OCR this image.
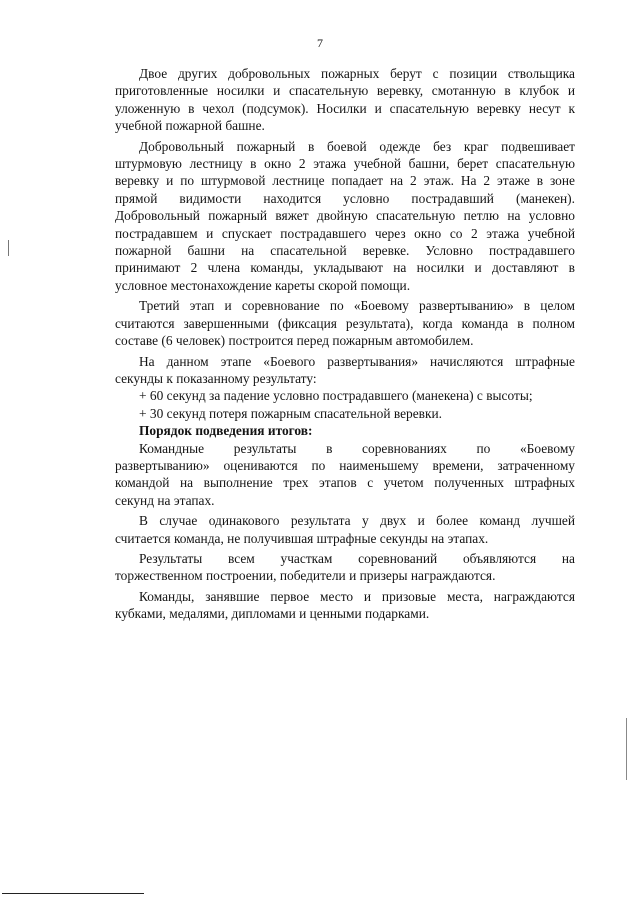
7

Двое других добровольных пожарных берут с позиции ствольщика
приготовленные носилки и спасательную веревку, смотанную в клубок и
уложенную в чехол (подсумок). Носилки и спасательную веревку несут к
учебной пожарной башне.

Добровольный пожарный в боевой одежде без краг подвешивает
штурмовую лестницу в окно 2 этажа учебной башни, берет спасательную
веревку и по штурмовой лестнице попадает на 2 этаж. На 2 этаже в зоне
прямой видимости находится условно пострадавший (манекен).
Добровольный пожарный вяжет двойную спасательную петлю на условно
пострадавшем и спускает пострадавшего через окно со 2 этажа учебной
пожарной башни на спасательной веревке. Условно пострадавшего
принимают 2 члена команды, укладывают на носилки и доставляют в
условное местонахождение кареты скорой помощи.

Третий этап и соревнование по «Боевому развертыванию» в целом
считаются завершенными (фиксация результата), когда команда в полном
составе (6 человек) построится перед пожарным автомобилем.

На данном этапе «Боевого развертывания» начисляются штрафные
секунды к показанному результату:

+ 60 секунд за падение условно пострадавшего (манекена) с высоты;

+ 30 секунд потеря пожарным спасательной веревки.

Порядок подведения итогов:

Командные результаты в соревнованиях по «Боевому
развертыванию» оцениваются по наименьшему времени, затраченному
командой на выполнение трех этапов с учетом полученных штрафных
секунд на этапах.

В случае одинакового результата у двух и более команд лучшей
считается команда, не получившая штрафные секунды на этапах.

Результаты всем участкам соревнований объявляются на
торжественном построении, победители и призеры награждаются.

Команды, занявшие первое место и призовые места, награждаются
кубками, медалями, дипломами и ценными подарками.
